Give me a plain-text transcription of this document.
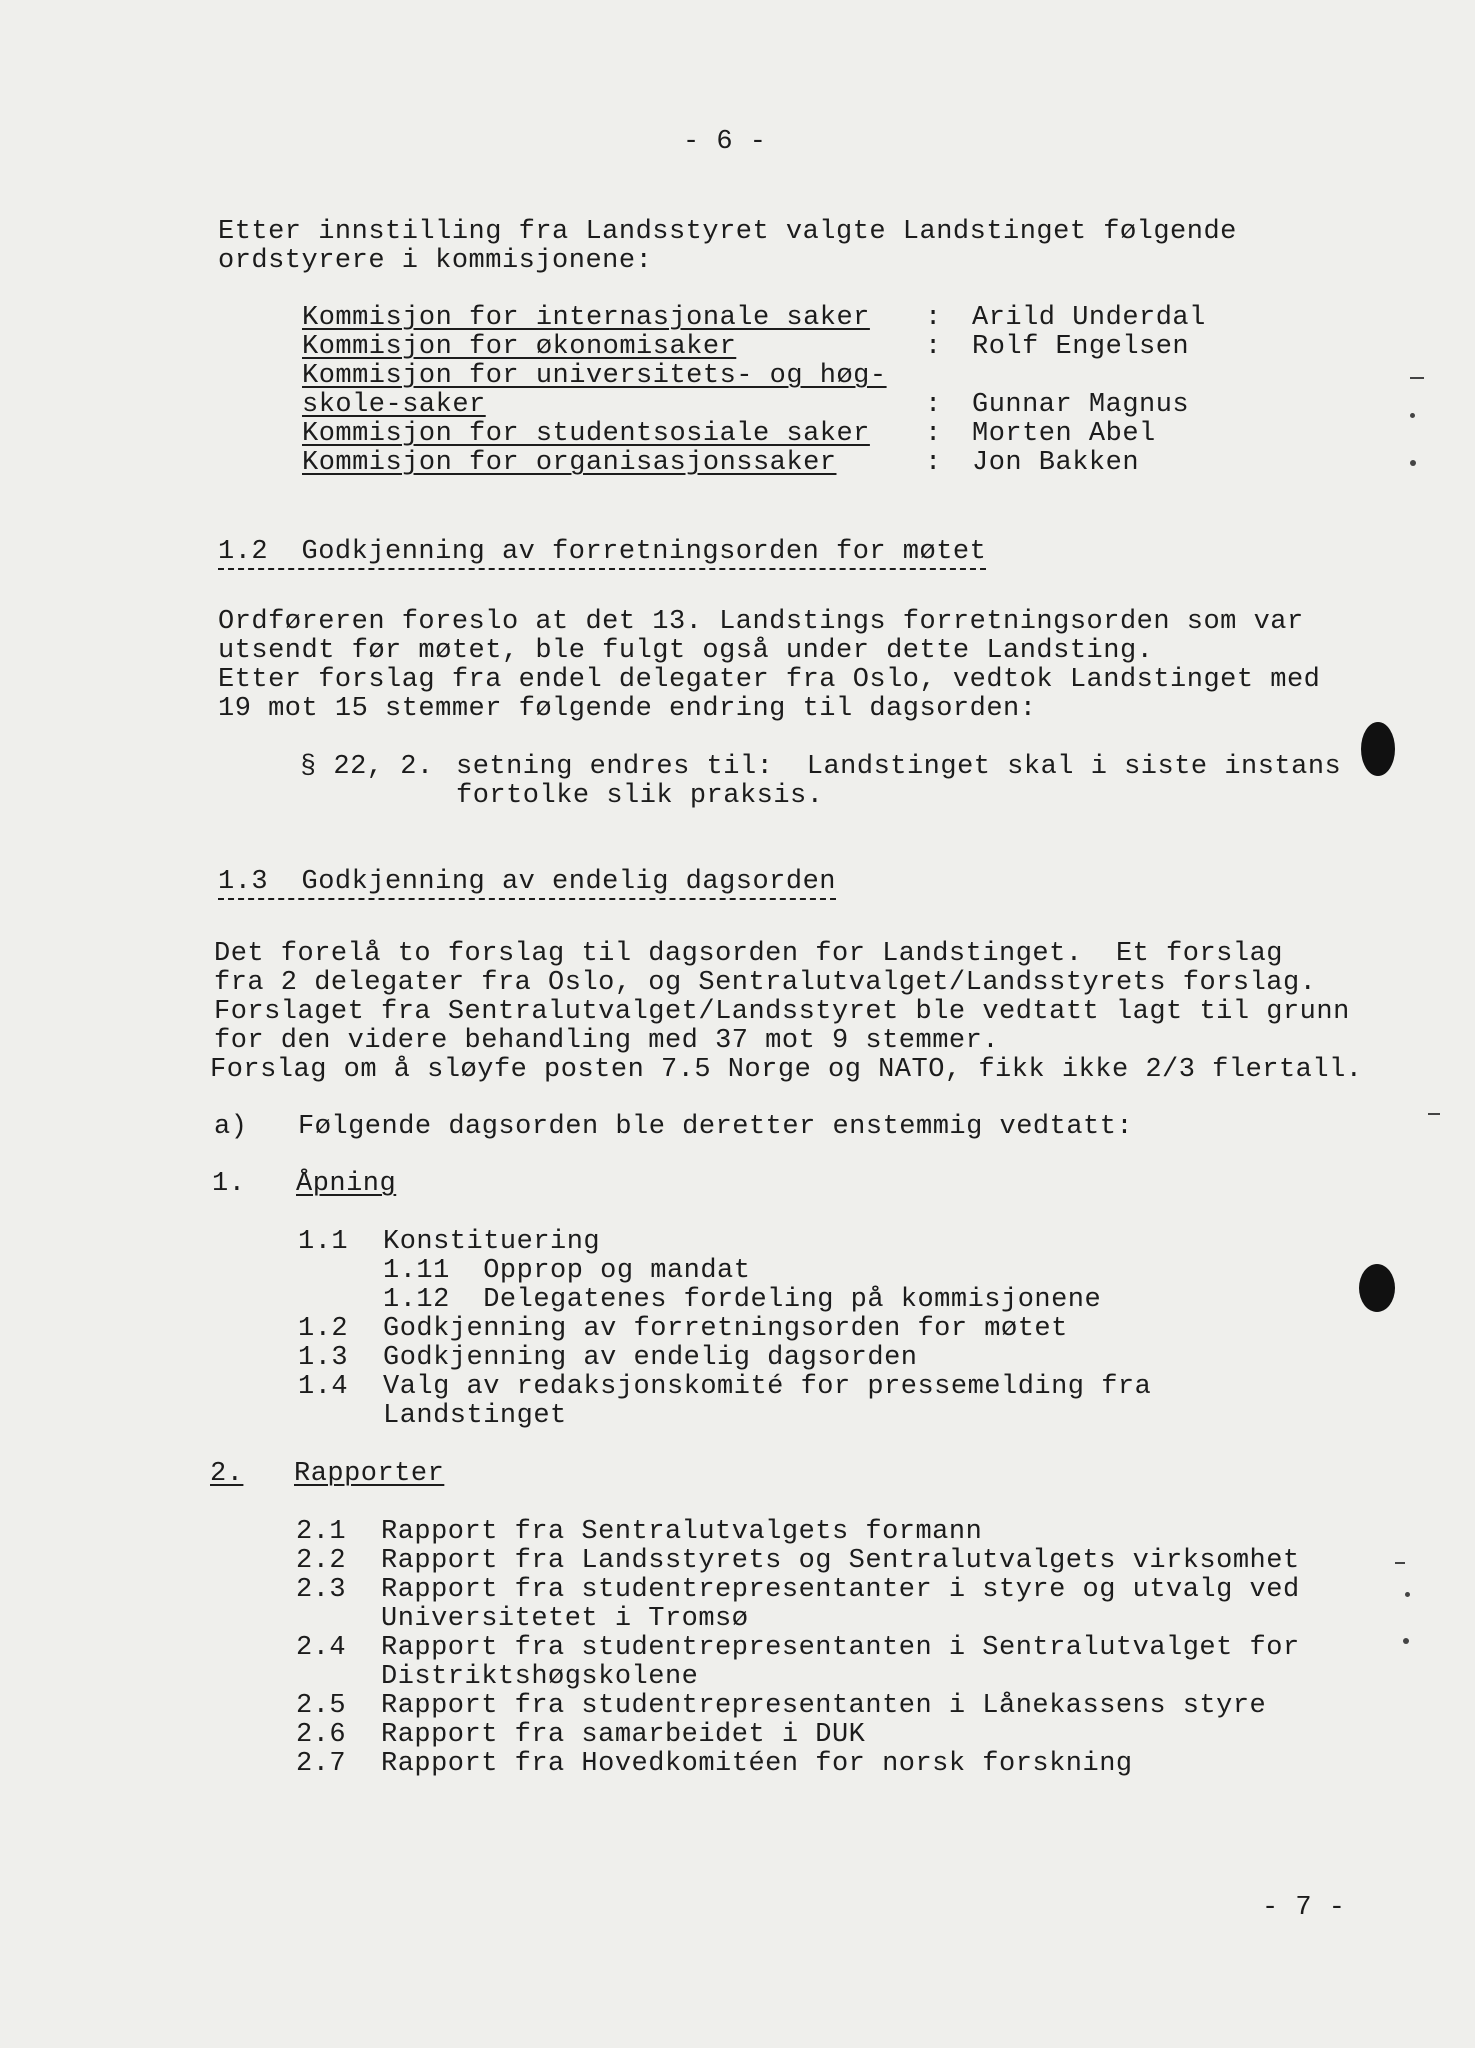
- 6 -
Etter innstilling fra Landsstyret valgte Landstinget følgende
ordstyrere i kommisjonene:
Kommisjon for internasjonale saker : Arild Underdal
Kommisjon for økonomisaker	: Rolf Engelsen
Kommisjon for universitets- og høg-
skole-saker	: Gunnar Magnus
Kommisjon for studentsosiale saker : Morten Abel
Kommisjon for organisasjonssaker	: Jon Bakken
1.2  Godkjenning av forretningsorden for møtet
Ordføreren foreslo at det 13. Landstings forretningsorden som var
utsendt før møtet, ble fulgt også under dette Landsting.
Etter forslag fra endel delegater fra Oslo, vedtok Landstinget med
19 mot 15 stemmer følgende endring til dagsorden:
§ 22, 2. setning endres til:  Landstinget skal i siste instans
fortolke slik praksis.
1.3  Godkjenning av endelig dagsorden
Det forelå to forslag til dagsorden for Landstinget.  Et forslag
fra 2 delegater fra Oslo, og Sentralutvalget/Landsstyrets forslag.
Forslaget fra Sentralutvalget/Landsstyret ble vedtatt lagt til grunn
for den videre behandling med 37 mot 9 stemmer.
Forslag om å sløyfe posten 7.5 Norge og NATO, fikk ikke 2/3 flertall.
a) Følgende dagsorden ble deretter enstemmig vedtatt:
1. Åpning
1.1 Konstituering
1.11  Opprop og mandat
1.12  Delegatenes fordeling på kommisjonene
1.2 Godkjenning av forretningsorden for møtet
1.3 Godkjenning av endelig dagsorden
1.4 Valg av redaksjonskomité for pressemelding fra
Landstinget
2. Rapporter
2.1 Rapport fra Sentralutvalgets formann
2.2 Rapport fra Landsstyrets og Sentralutvalgets virksomhet
2.3 Rapport fra studentrepresentanter i styre og utvalg ved
Universitetet i Tromsø
2.4 Rapport fra studentrepresentanten i Sentralutvalget for
Distriktshøgskolene
2.5 Rapport fra studentrepresentanten i Lånekassens styre
2.6 Rapport fra samarbeidet i DUK
2.7 Rapport fra Hovedkomitéen for norsk forskning
- 7 -
